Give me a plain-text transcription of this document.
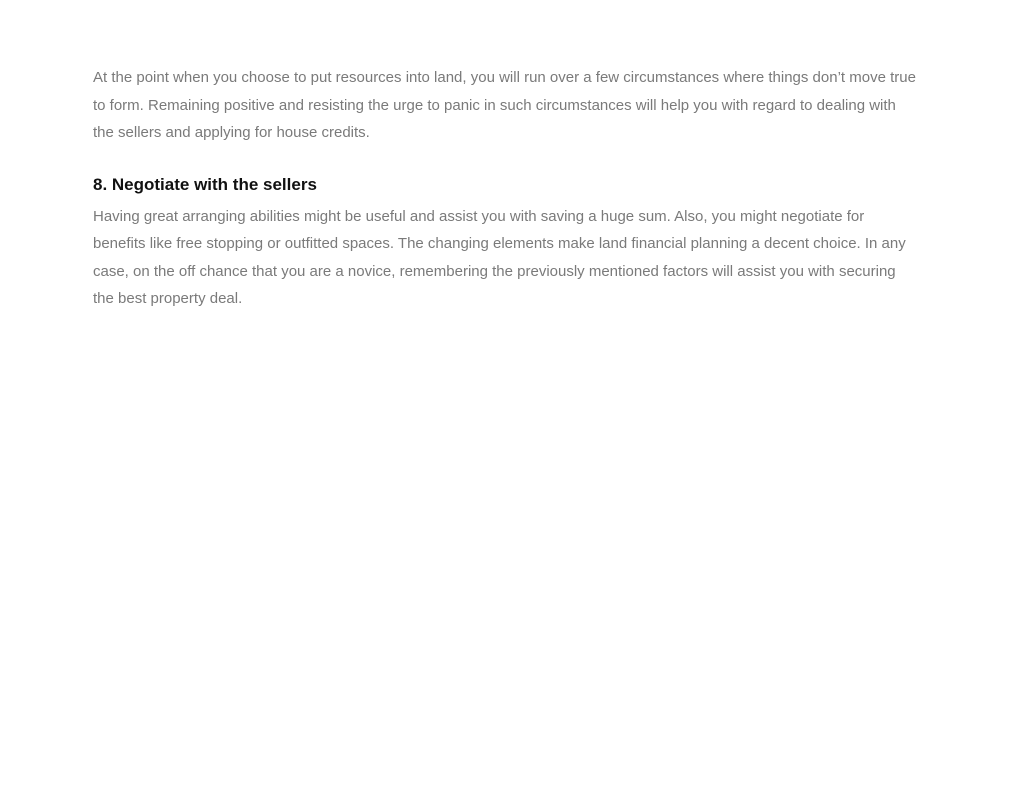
At the point when you choose to put resources into land, you will run over a few circumstances where things don’t move true to form. Remaining positive and resisting the urge to panic in such circumstances will help you with regard to dealing with the sellers and applying for house credits.

8. Negotiate with the sellers

Having great arranging abilities might be useful and assist you with saving a huge sum. Also, you might negotiate for benefits like free stopping or outfitted spaces. The changing elements make land financial planning a decent choice. In any case, on the off chance that you are a novice, remembering the previously mentioned factors will assist you with securing the best property deal.
